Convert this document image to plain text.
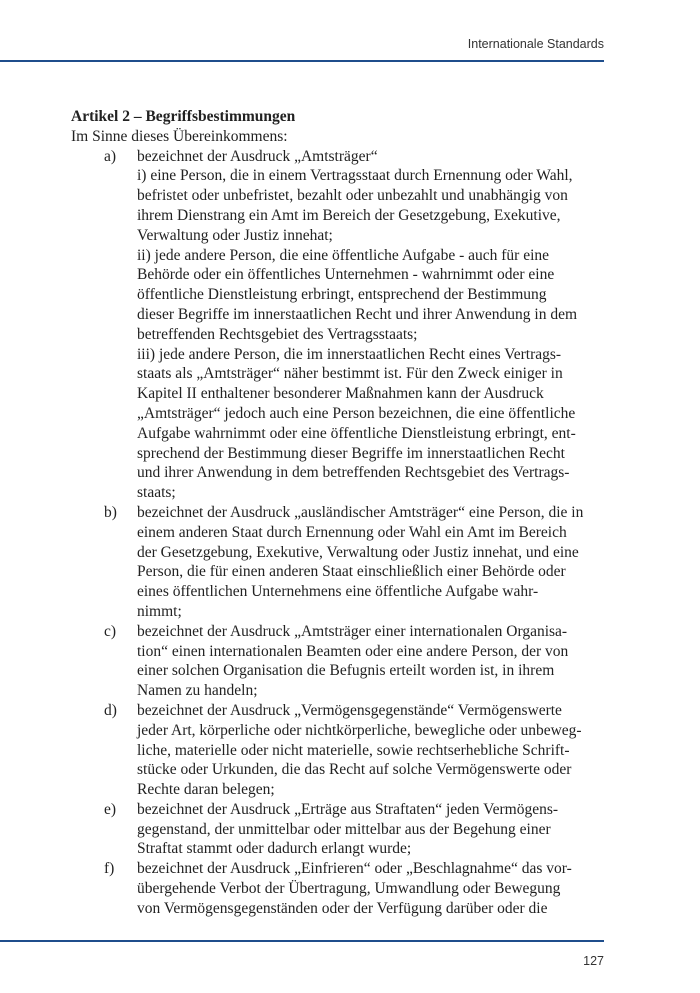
Internationale Standards
Artikel 2 – Begriffsbestimmungen
Im Sinne dieses Übereinkommens:
a)	bezeichnet der Ausdruck „Amtsträger“
i) eine Person, die in einem Vertragsstaat durch Ernennung oder Wahl,
befristet oder unbefristet, bezahlt oder unbezahlt und unabhängig von
ihrem Dienstrang ein Amt im Bereich der Gesetzgebung, Exekutive,
Verwaltung oder Justiz innehat;
ii) jede andere Person, die eine öffentliche Aufgabe - auch für eine
Behörde oder ein öffentliches Unternehmen - wahrnimmt oder eine
öffentliche Dienstleistung erbringt, entsprechend der Bestimmung
dieser Begriffe im innerstaatlichen Recht und ihrer Anwendung in dem
betreffenden Rechtsgebiet des Vertragsstaats;
iii) jede andere Person, die im innerstaatlichen Recht eines Vertrags-
staats als „Amtsträger“ näher bestimmt ist. Für den Zweck einiger in
Kapitel II enthaltener besonderer Maßnahmen kann der Ausdruck
„Amtsträger“ jedoch auch eine Person bezeichnen, die eine öffentliche
Aufgabe wahrnimmt oder eine öffentliche Dienstleistung erbringt, ent-
sprechend der Bestimmung dieser Begriffe im innerstaatlichen Recht
und ihrer Anwendung in dem betreffenden Rechtsgebiet des Vertrags-
staats;
b)	bezeichnet der Ausdruck „ausländischer Amtsträger“ eine Person, die in
einem anderen Staat durch Ernennung oder Wahl ein Amt im Bereich
der Gesetzgebung, Exekutive, Verwaltung oder Justiz innehat, und eine
Person, die für einen anderen Staat einschließlich einer Behörde oder
eines öffentlichen Unternehmens eine öffentliche Aufgabe wahr-
nimmt;
c)	bezeichnet der Ausdruck „Amtsträger einer internationalen Organisa-
tion“ einen internationalen Beamten oder eine andere Person, der von
einer solchen Organisation die Befugnis erteilt worden ist, in ihrem
Namen zu handeln;
d)	bezeichnet der Ausdruck „Vermögensgegenstände“ Vermögenswerte
jeder Art, körperliche oder nichtkörperliche, bewegliche oder unbeweg-
liche, materielle oder nicht materielle, sowie rechtserhebliche Schrift-
stücke oder Urkunden, die das Recht auf solche Vermögenswerte oder
Rechte daran belegen;
e)	bezeichnet der Ausdruck „Erträge aus Straftaten“ jeden Vermögens-
gegenstand, der unmittelbar oder mittelbar aus der Begehung einer
Straftat stammt oder dadurch erlangt wurde;
f)	bezeichnet der Ausdruck „Einfrieren“ oder „Beschlagnahme“ das vor-
übergehende Verbot der Übertragung, Umwandlung oder Bewegung
von Vermögensgegenständen oder der Verfügung darüber oder die
127
